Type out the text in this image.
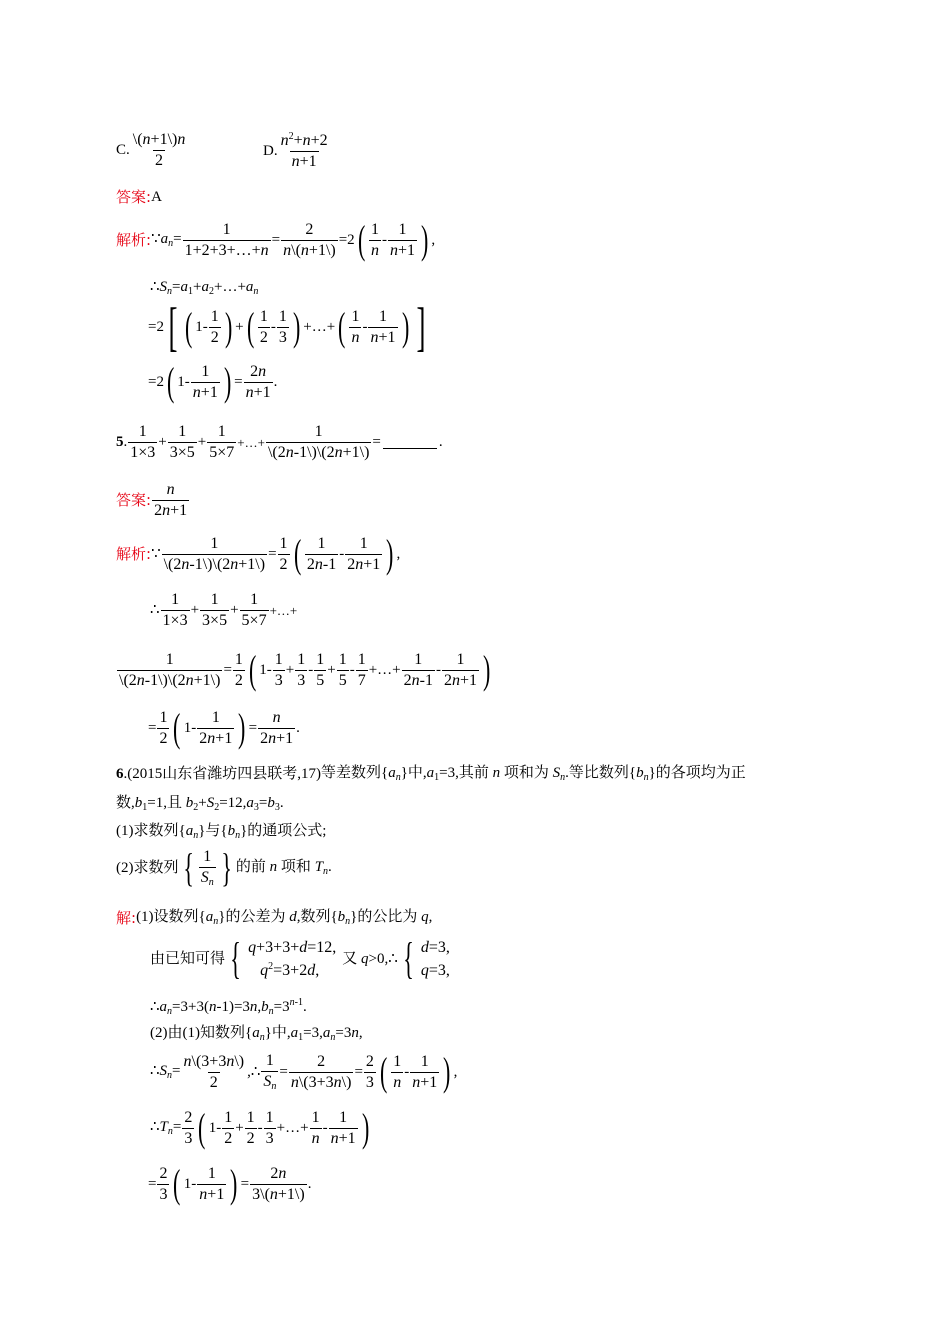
C. $\frac{\backslash(n+1\backslash)n}{2}$	D. $\frac{n^2+n+2}{n+1}$
答案: A
解析: $\because a_n= \frac{1}{1+2+3+\dots+n} = \frac{2}{n\backslash(n+1\backslash)} =2$ ( $\frac{1}{n} - \frac{1}{n+1}$ ) ,
$\therefore S_n=a_1+a_2+\dots+a_n$
=2 [ ( $1- \frac{1}{2}$ ) + ( $\frac{1}{2} - \frac{1}{3}$ ) +…+ ( $\frac{1}{n} - \frac{1}{n+1}$ ) ]
=2 ( $1- \frac{1}{n+1}$ ) = $\frac{2n}{n+1}$ .
5 . $\frac{1}{1\times 3} + \frac{1}{3\times 5} + \frac{1}{5\times 7}$ +…+ $\frac{1}{\backslash(2n-1\backslash)\backslash(2n+1\backslash)}$ =	.
答案: $\frac{n}{2n+1}$
解析: ∵ $\frac{1}{\backslash(2n-1\backslash)\backslash(2n+1\backslash)} = \frac{1}{2}$ ( $\frac{1}{2n-1} - \frac{1}{2n+1}$ ) ,
∴ $\frac{1}{1\times 3} + \frac{1}{3\times 5} + \frac{1}{5\times 7}$ +…+
$\frac{1}{\backslash(2n-1\backslash)\backslash(2n+1\backslash)} = \frac{1}{2}$ ( $1- \frac{1}{3} + \frac{1}{3} - \frac{1}{5} + \frac{1}{5} - \frac{1}{7}$ +…+ $\frac{1}{2n-1} - \frac{1}{2n+1}$ )
= $\frac{1}{2}$ ( $1- \frac{1}{2n+1}$ ) = $\frac{n}{2n+1}$ .
6 . (2015山东省潍坊四县联考,17) 等差数列$\{a_n\}$中$,a_1=3$,其前 n 项和为 $S_n$.等比数列$\{b_n\}$的各项均为正
数$,b_1=1$,且 $b_2+S_2=12,a_3=b_3$.
(1)求数列$\{a_n\}$与$\{b_n\}$的通项公式;
(2)求数列 { $\frac{1}{S_n}$ } 的前 n 项和 $T_n$.
解: (1)设数列$\{a_n\}$的公差为 d,数列$\{b_n\}$的公比为 q,
由已知可得 { q+3+3+d=12,
$q^2=3+2d$,
又 q>0,∴ { d=3,
q=3,
$\therefore a_n=3+3(n-1)=3n,b_n=3^{n-1}$.
(2)由(1)知数列$\{a_n\}$中$,a_1=3,a_n=3n$,
$\therefore S_n= \frac{n\backslash(3+3n\backslash)}{2}$ ,∴ $\frac{1}{S_n} = \frac{2}{n\backslash(3+3n\backslash)} = \frac{2}{3}$ ( $\frac{1}{n} - \frac{1}{n+1}$ ) ,
$\therefore T_n= \frac{2}{3}$ ( $1- \frac{1}{2} + \frac{1}{2} - \frac{1}{3}$ +…+ $\frac{1}{n} - \frac{1}{n+1}$ )
= $\frac{2}{3}$ ( $1- \frac{1}{n+1}$ ) = $\frac{2n}{3\backslash(n+1\backslash)}$ .
